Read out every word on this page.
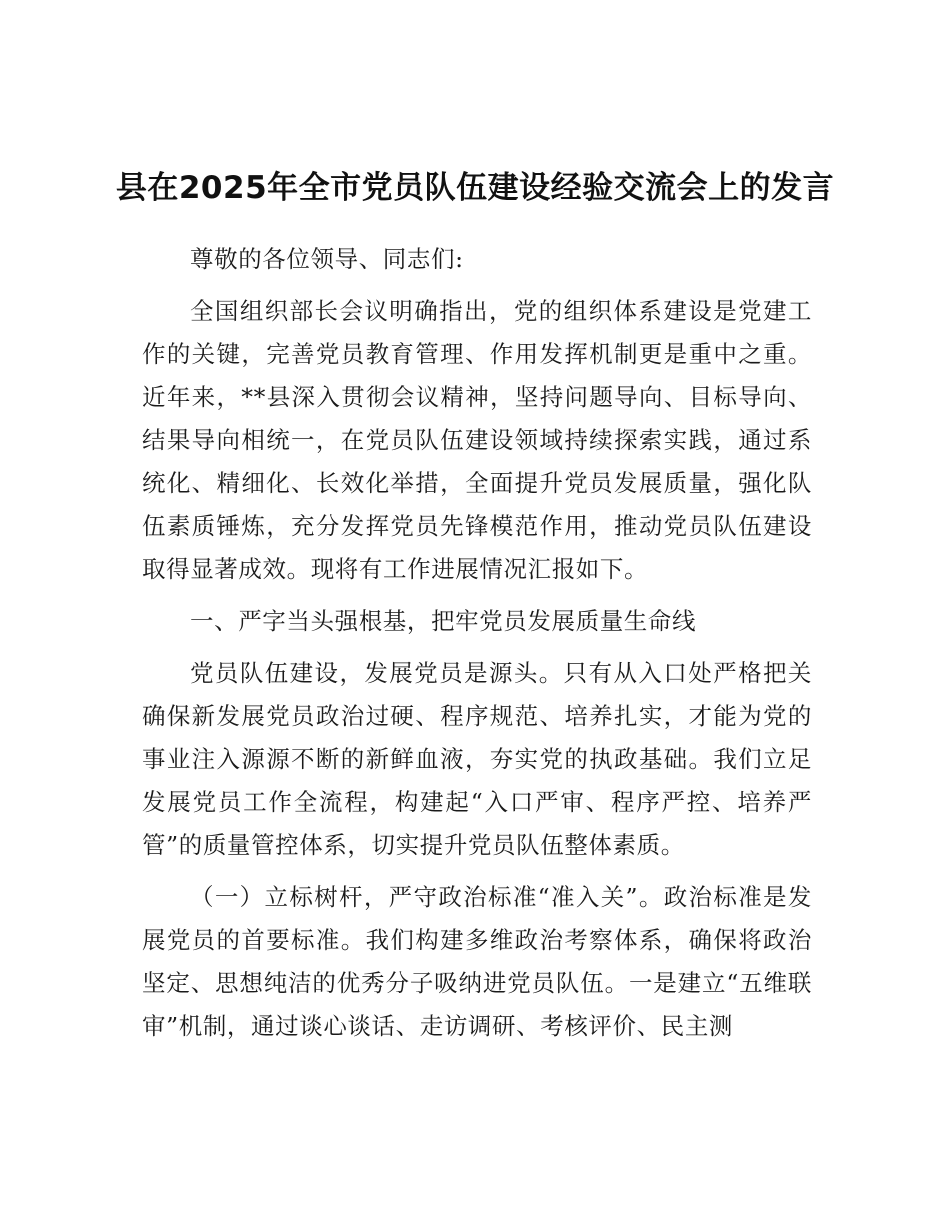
县在2025年全市党员队伍建设经验交流会上的发言

尊敬的各位领导、同志们:

全国组织部长会议明确指出，党的组织体系建设是党建工作的关键，完善党员教育管理、作用发挥机制更是重中之重。近年来，**县深入贯彻会议精神，坚持问题导向、目标导向、结果导向相统一，在党员队伍建设领域持续探索实践，通过系统化、精细化、长效化举措，全面提升党员发展质量，强化队伍素质锤炼，充分发挥党员先锋模范作用，推动党员队伍建设取得显著成效。现将有工作进展情况汇报如下。

一、严字当头强根基，把牢党员发展质量生命线

党员队伍建设，发展党员是源头。只有从入口处严格把关确保新发展党员政治过硬、程序规范、培养扎实，才能为党的事业注入源源不断的新鲜血液，夯实党的执政基础。我们立足发展党员工作全流程，构建起“入口严审、程序严控、培养严管”的质量管控体系，切实提升党员队伍整体素质。

（一）立标树杆，严守政治标准“准入关”。政治标准是发展党员的首要标准。我们构建多维政治考察体系，确保将政治坚定、思想纯洁的优秀分子吸纳进党员队伍。一是建立“五维联审”机制，通过谈心谈话、走访调研、考核评价、民主测
